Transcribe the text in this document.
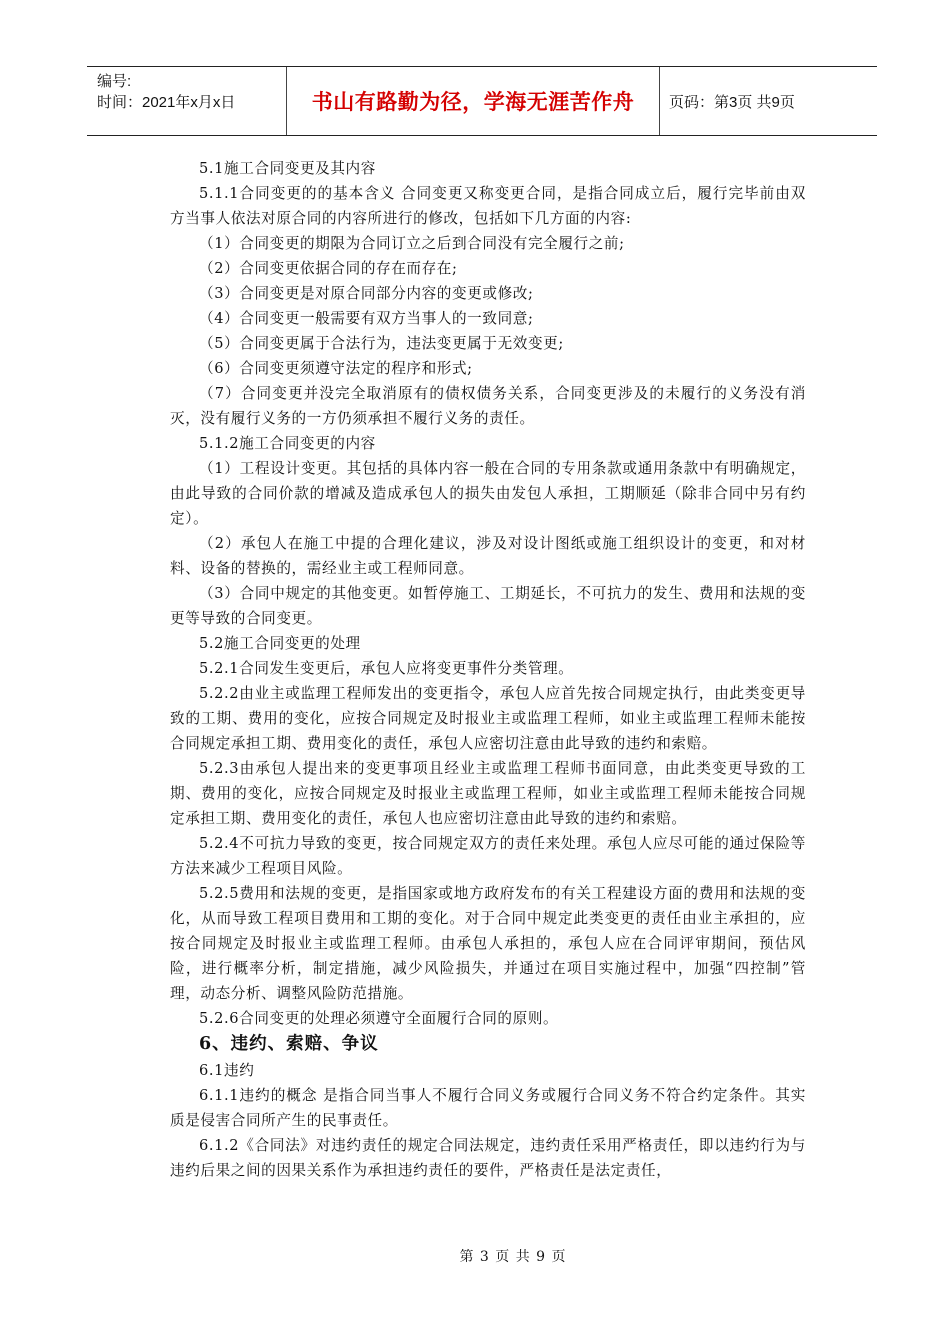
编号:
时间：2021年x月x日	书山有路勤为径，学海无涯苦作舟	页码：第3页 共9页

5.1施工合同变更及其内容

5.1.1合同变更的的基本含义 合同变更又称变更合同，是指合同成立后，履行完毕前由双方当事人依法对原合同的内容所进行的修改，包括如下几方面的内容:

（1）合同变更的期限为合同订立之后到合同没有完全履行之前;

（2）合同变更依据合同的存在而存在;

（3）合同变更是对原合同部分内容的变更或修改;

（4）合同变更一般需要有双方当事人的一致同意;

（5）合同变更属于合法行为，违法变更属于无效变更;

（6）合同变更须遵守法定的程序和形式;

（7）合同变更并没完全取消原有的债权债务关系，合同变更涉及的未履行的义务没有消灭，没有履行义务的一方仍须承担不履行义务的责任。

5.1.2施工合同变更的内容

（1）工程设计变更。其包括的具体内容一般在合同的专用条款或通用条款中有明确规定，由此导致的合同价款的增减及造成承包人的损失由发包人承担，工期顺延（除非合同中另有约定）。

（2）承包人在施工中提的合理化建议，涉及对设计图纸或施工组织设计的变更，和对材料、设备的替换的，需经业主或工程师同意。

（3）合同中规定的其他变更。如暂停施工、工期延长，不可抗力的发生、费用和法规的变更等导致的合同变更。

5.2施工合同变更的处理

5.2.1合同发生变更后，承包人应将变更事件分类管理。

5.2.2由业主或监理工程师发出的变更指令，承包人应首先按合同规定执行，由此类变更导致的工期、费用的变化，应按合同规定及时报业主或监理工程师，如业主或监理工程师未能按合同规定承担工期、费用变化的责任，承包人应密切注意由此导致的违约和索赔。

5.2.3由承包人提出来的变更事项且经业主或监理工程师书面同意，由此类变更导致的工期、费用的变化，应按合同规定及时报业主或监理工程师，如业主或监理工程师未能按合同规定承担工期、费用变化的责任，承包人也应密切注意由此导致的违约和索赔。

5.2.4不可抗力导致的变更，按合同规定双方的责任来处理。承包人应尽可能的通过保险等方法来减少工程项目风险。

5.2.5费用和法规的变更，是指国家或地方政府发布的有关工程建设方面的费用和法规的变化，从而导致工程项目费用和工期的变化。对于合同中规定此类变更的责任由业主承担的，应按合同规定及时报业主或监理工程师。由承包人承担的，承包人应在合同评审期间，预估风险，进行概率分析，制定措施，减少风险损失，并通过在项目实施过程中，加强“四控制”管理，动态分析、调整风险防范措施。

5.2.6合同变更的处理必须遵守全面履行合同的原则。

6、违约、索赔、争议

6.1违约

6.1.1违约的概念 是指合同当事人不履行合同义务或履行合同义务不符合约定条件。其实质是侵害合同所产生的民事责任。

6.1.2《合同法》对违约责任的规定合同法规定，违约责任采用严格责任，即以违约行为与违约后果之间的因果关系作为承担违约责任的要件，严格责任是法定责任，

第 3 页 共 9 页
